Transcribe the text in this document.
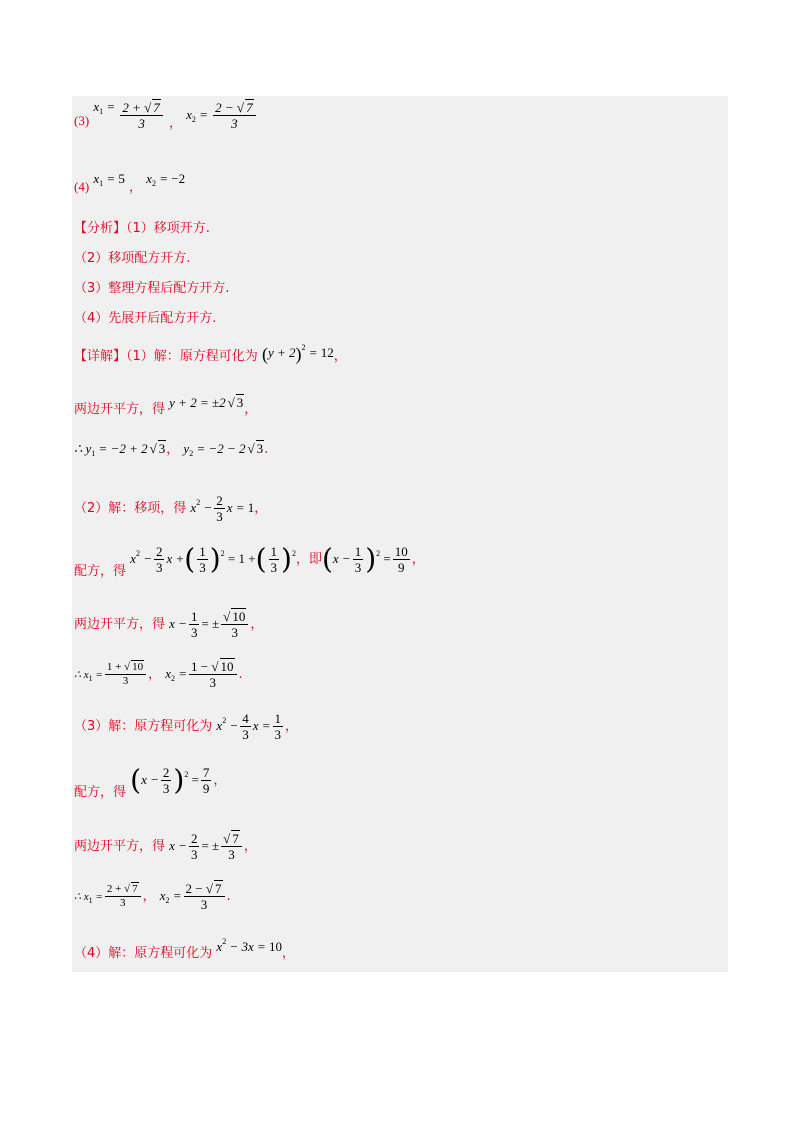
(3) $x_1 = \frac{2 + √ 7}{3}$ ， $x_2 = \frac{2 - √ 7}{3}$
(4) $x_1 = 5$ ， $x_2 = -2$
【分析】（1）移项开方.
（2）移项配方开方.
（3）整理方程后配方开方.
（4）先展开后配方开方.
【详解】（1）解：原方程可化为 $(y + 2)^2 = 12$，
两边开平方，得 y + 2 = ±2 √ 3，
∴ $y_1 = -2 + 2$ √ 3， $y_2 = -2 - 2$ √ 3.
（2）解：移项，得 $x^2 - \frac{2}{3}$ x = 1，
配方，得 $x^2 - \frac{2}{3}$ x +( $\frac{1}{3} )^2 = 1$ +( $\frac{1}{3} )^2$，即$(x - \frac{1}{3} )^2 = \frac{10}{9}$ ，
两边开平方，得 $x - \frac{1}{3}$ = ± $\frac{√ 10}{3}$ ，
∴ $x_1 = \frac{1 + √ 10}{3}$ ， $x_2 = \frac{1 - √ 10}{3}$ .
（3）解：原方程可化为 $x^2 - \frac{4}{3}$ $x = \frac{1}{3}$ ，
配方，得 $(x - \frac{2}{3} )^2 = \frac{7}{9}$ ，
两边开平方，得 $x - \frac{2}{3}$ = ± $\frac{√ 7}{3}$ ，
∴ $x_1 = \frac{2 + √ 7}{3}$ ， $x_2 = \frac{2 - √ 7}{3}$ .
（4）解：原方程可化为 $x^2 - 3x = 10$，
